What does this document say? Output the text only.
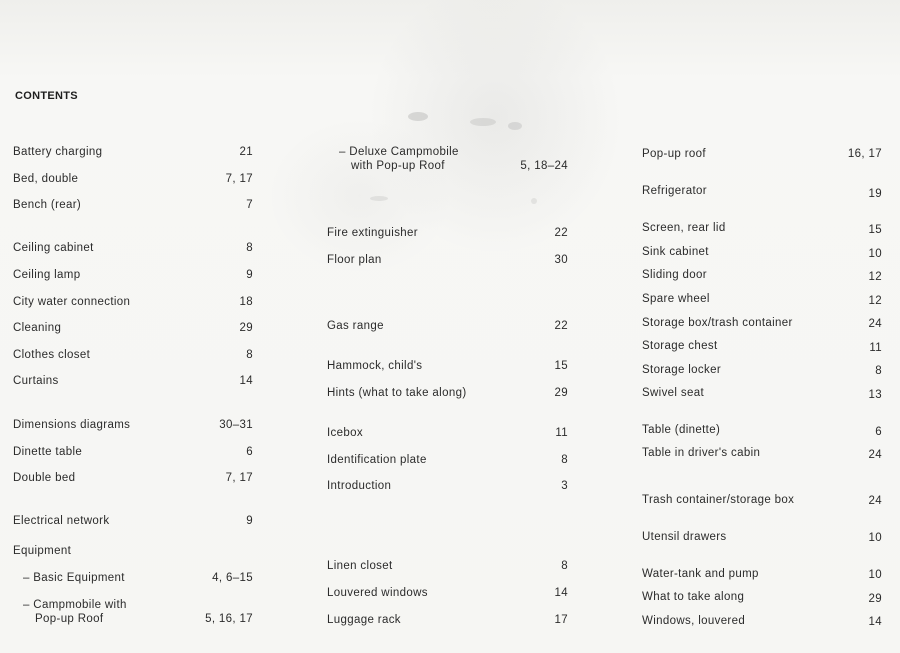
CONTENTS
Battery charging	21
Bed, double	7, 17
Bench (rear)	7
Ceiling cabinet	8
Ceiling lamp	9
City water connection	18
Cleaning	29
Clothes closet	8
Curtains	14
Dimensions diagrams	30–31
Dinette table	6
Double bed	7, 17
Electrical network	9
Equipment
– Basic Equipment	4, 6–15
– Campmobile with
Pop-up Roof	5, 16, 17
– Deluxe Campmobile
with Pop-up Roof	5, 18–24
Fire extinguisher	22
Floor plan	30
Gas range	22
Hammock, child's	15
Hints (what to take along)	29
Icebox	11
Identification plate	8
Introduction	3
Linen closet	8
Louvered windows	14
Luggage rack	17
Pop-up roof	16, 17
Refrigerator	19
Screen, rear lid	15
Sink cabinet	10
Sliding door	12
Spare wheel	12
Storage box/trash container	24
Storage chest	11
Storage locker	8
Swivel seat	13
Table (dinette)	6
Table in driver's cabin	24
Trash container/storage box	24
Utensil drawers	10
Water-tank and pump	10
What to take along	29
Windows, louvered	14
